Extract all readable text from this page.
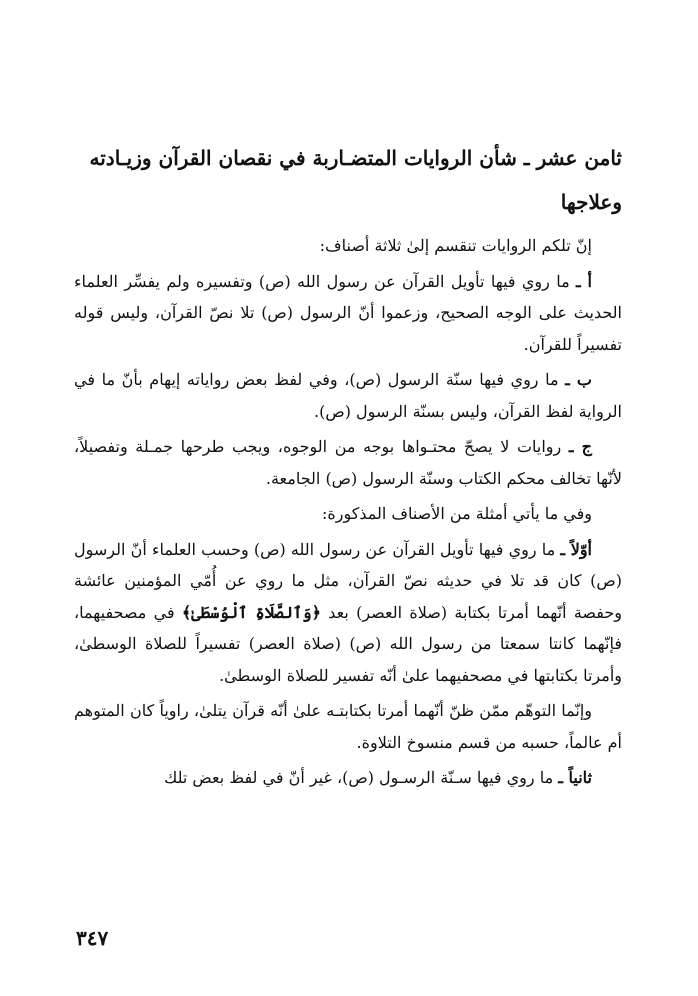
ثامن عشر ـ شأن الروايات المتضـاربة في نقصان القرآن وزيـادته
وعلاجها

إنّ تلكم الروايات تنقسم إلىٰ ثلاثة أصناف:

أ ـ ما روي فيها تأويل القرآن عن رسول الله (ص) وتفسيره ولم يفسِّر العلماء الحديث على الوجه الصحيح، وزعموا أنّ الرسول (ص) تلا نصّ القرآن، وليس قوله تفسيراً للقرآن.

ب ـ ما روي فيها سنّة الرسول (ص)، وفي لفظ بعض رواياته إيهام بأنّ ما في الرواية لفظ القرآن، وليس بسنّة الرسول (ص).

ج ـ روايات لا يصحّ محتـواها بوجه من الوجوه، ويجب طرحها جمـلة وتفصيلاً، لأنّها تخالف محكم الكتاب وسنّة الرسول (ص) الجامعة.

وفي ما يأتي أمثلة من الأصناف المذكورة:

أوّلاً ـ ما روي فيها تأويل القرآن عن رسول الله (ص) وحسب العلماء أنّ الرسول (ص) كان قد تلا في حديثه نصّ القرآن، مثل ما روي عن أُمّي المؤمنين عائشة وحفصة أنّهما أمرتا بكتابة (صلاة العصر) بعد ﴿وَٱلصَّلَاةِ ٱلْوُسْطَىٰ﴾ في مصحفيهما، فإنّهما كانتا سمعتا من رسول الله (ص) (صلاة العصر) تفسيراً للصلاة الوسطىٰ، وأمرتا بكتابتها في مصحفيهما علىٰ أنّه تفسير للصلاة الوسطىٰ.

وإنّما التوهّم ممّن ظنّ أنّهما أمرتا بكتابتـه علىٰ أنّه قرآن يتلىٰ، راوياً كان المتوهم أم عالماً، حسبه من قسم منسوخ التلاوة.

ثانياً ـ ما روي فيها سـنّة الرسـول (ص)، غير أنّ في لفظ بعض تلك

٣٤٧
